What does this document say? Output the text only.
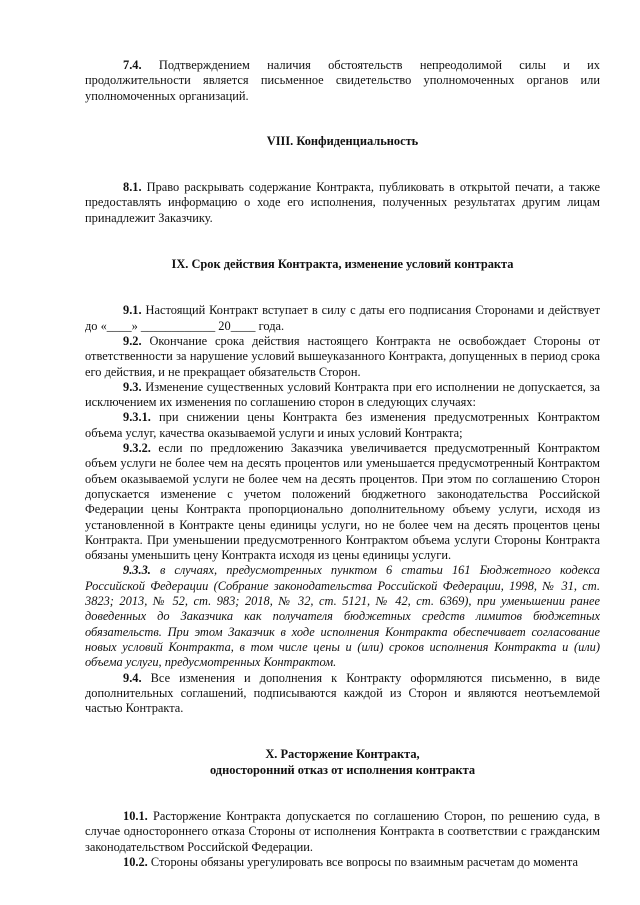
7.4. Подтверждением наличия обстоятельств непреодолимой силы и их продолжительности является письменное свидетельство уполномоченных органов или уполномоченных организаций.

VIII. Конфиденциальность

8.1. Право раскрывать содержание Контракта, публиковать в открытой печати, а также предоставлять информацию о ходе его исполнения, полученных результатах другим лицам принадлежит Заказчику.

IX. Срок действия Контракта, изменение условий контракта

9.1. Настоящий Контракт вступает в силу с даты его подписания Сторонами и действует до «____» ____________ 20____ года.

9.2. Окончание срока действия настоящего Контракта не освобождает Стороны от ответственности за нарушение условий вышеуказанного Контракта, допущенных в период срока его действия, и не прекращает обязательств Сторон.

9.3. Изменение существенных условий Контракта при его исполнении не допускается, за исключением их изменения по соглашению сторон в следующих случаях:

9.3.1. при снижении цены Контракта без изменения предусмотренных Контрактом объема услуг, качества оказываемой услуги и иных условий Контракта;

9.3.2. если по предложению Заказчика увеличивается предусмотренный Контрактом объем услуги не более чем на десять процентов или уменьшается предусмотренный Контрактом объем оказываемой услуги не более чем на десять процентов. При этом по соглашению Сторон допускается изменение с учетом положений бюджетного законодательства Российской Федерации цены Контракта пропорционально дополнительному объему услуги, исходя из установленной в Контракте цены единицы услуги, но не более чем на десять процентов цены Контракта. При уменьшении предусмотренного Контрактом объема услуги Стороны Контракта обязаны уменьшить цену Контракта исходя из цены единицы услуги.

9.3.3. в случаях, предусмотренных пунктом 6 статьи 161 Бюджетного кодекса Российской Федерации (Собрание законодательства Российской Федерации, 1998, № 31, ст. 3823; 2013, № 52, ст. 983; 2018, № 32, ст. 5121, № 42, ст. 6369), при уменьшении ранее доведенных до Заказчика как получателя бюджетных средств лимитов бюджетных обязательств. При этом Заказчик в ходе исполнения Контракта обеспечивает согласование новых условий Контракта, в том числе цены и (или) сроков исполнения Контракта и (или) объема услуги, предусмотренных Контрактом.

9.4. Все изменения и дополнения к Контракту оформляются письменно, в виде дополнительных соглашений, подписываются каждой из Сторон и являются неотъемлемой частью Контракта.

X. Расторжение Контракта,
односторонний отказ от исполнения контракта

10.1. Расторжение Контракта допускается по соглашению Сторон, по решению суда, в случае одностороннего отказа Стороны от исполнения Контракта в соответствии с гражданским законодательством Российской Федерации.

10.2. Стороны обязаны урегулировать все вопросы по взаимным расчетам до момента
